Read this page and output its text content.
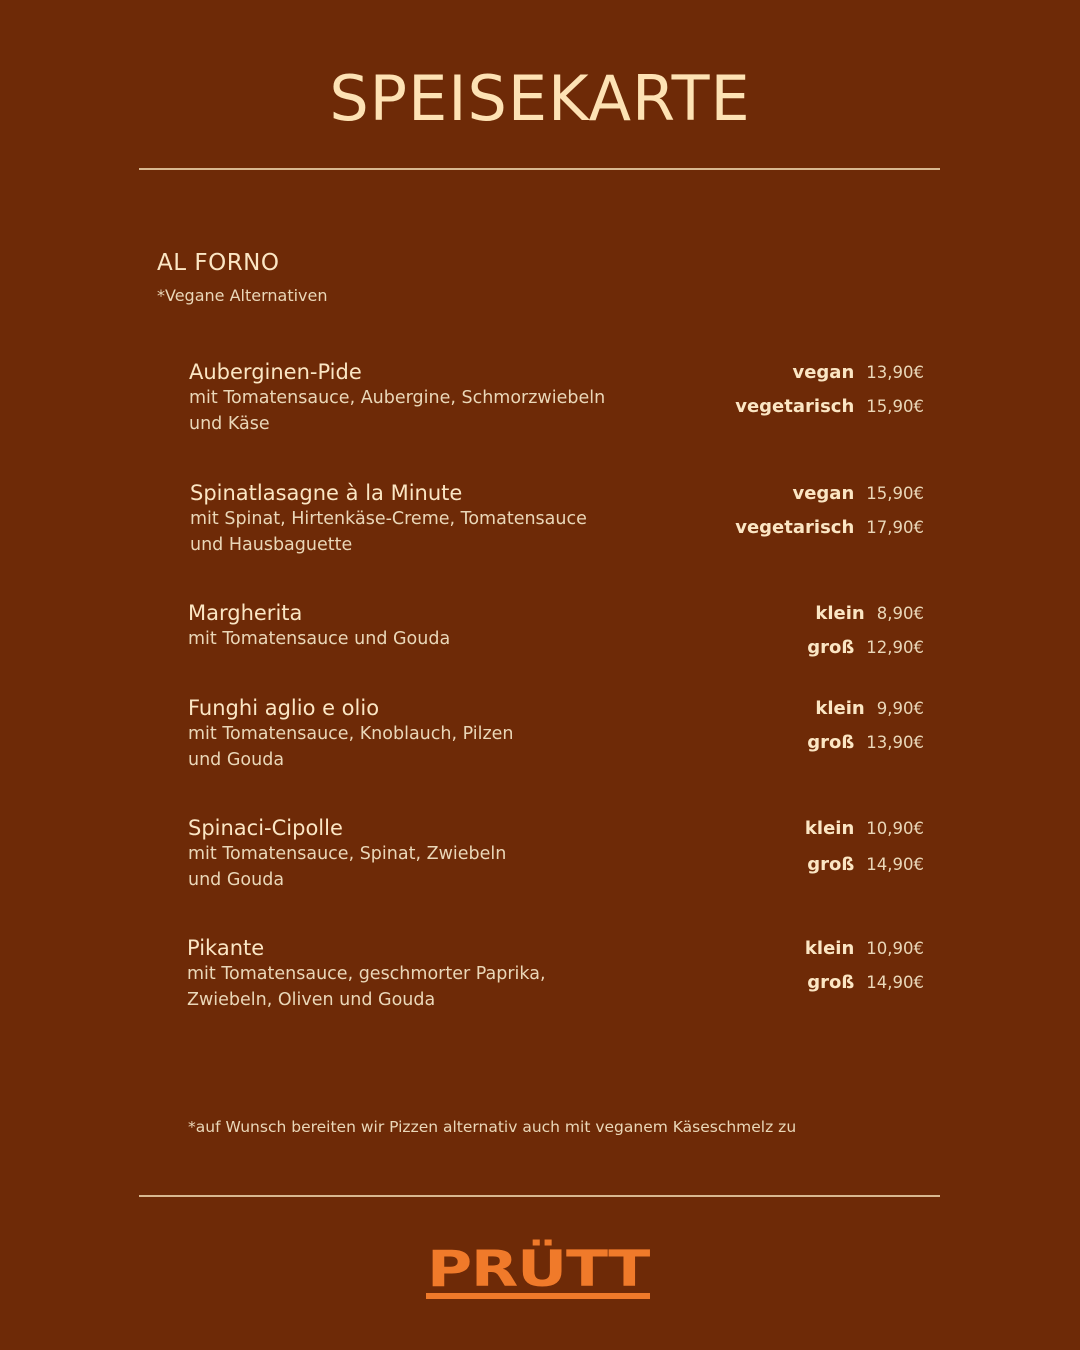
SPEISEKARTE
AL FORNO
*Vegane Alternativen
Auberginen-Pide
mit Tomatensauce, Aubergine, Schmorzwiebeln
und Käse
vegan 13,90€
vegetarisch 15,90€
Spinatlasagne à la Minute
mit Spinat, Hirtenkäse-Creme, Tomatensauce
und Hausbaguette
vegan 15,90€
vegetarisch 17,90€
Margherita
mit Tomatensauce und Gouda
klein 8,90€
groß 12,90€
Funghi aglio e olio
mit Tomatensauce, Knoblauch, Pilzen
und Gouda
klein 9,90€
groß 13,90€
Spinaci-Cipolle
mit Tomatensauce, Spinat, Zwiebeln
und Gouda
klein 10,90€
groß 14,90€
Pikante
mit Tomatensauce, geschmorter Paprika,
Zwiebeln, Oliven und Gouda
klein 10,90€
groß 14,90€
*auf Wunsch bereiten wir Pizzen alternativ auch mit veganem Käseschmelz zu
PRÜTT
